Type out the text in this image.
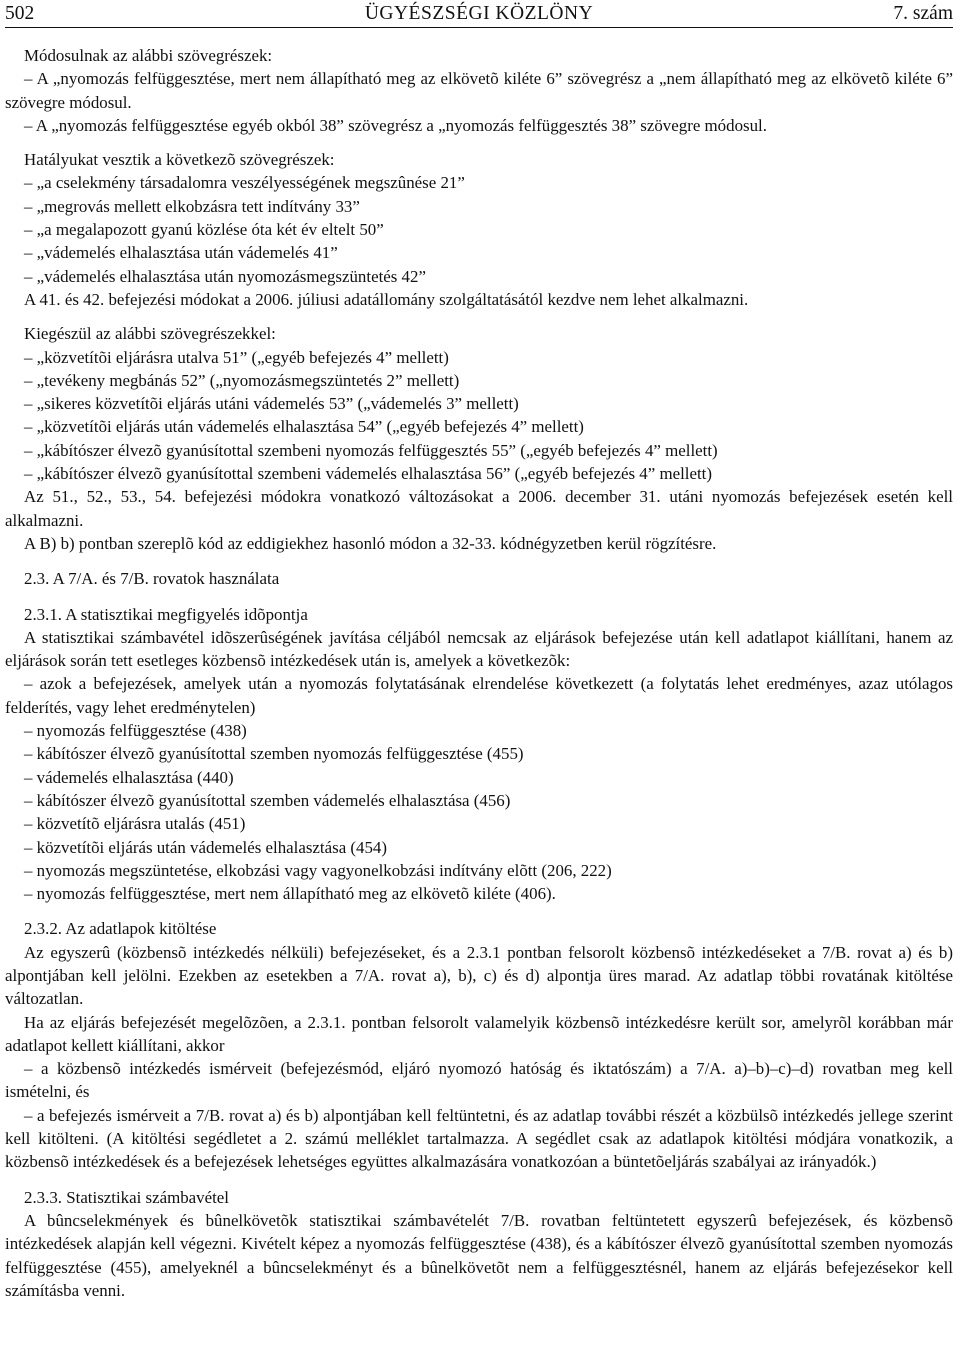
502	ÜGYÉSZSÉGI KÖZLÖNY	7. szám

Módosulnak az alábbi szövegrészek:

– A „nyomozás felfüggesztése, mert nem állapítható meg az elkövetõ kiléte 6” szövegrész a „nem állapítható meg az elkövetõ kiléte 6” szövegre módosul.

– A „nyomozás felfüggesztése egyéb okból 38” szövegrész a „nyomozás felfüggesztés 38” szövegre módosul.

Hatályukat vesztik a következõ szövegrészek:

– „a cselekmény társadalomra veszélyességének megszûnése 21”

– „megrovás mellett elkobzásra tett indítvány 33”

– „a megalapozott gyanú közlése óta két év eltelt 50”

– „vádemelés elhalasztása után vádemelés 41”

– „vádemelés elhalasztása után nyomozásmegszüntetés 42”

A 41. és 42. befejezési módokat a 2006. júliusi adatállomány szolgáltatásától kezdve nem lehet alkalmazni.

Kiegészül az alábbi szövegrészekkel:

– „közvetítõi eljárásra utalva 51” („egyéb befejezés 4” mellett)

– „tevékeny megbánás 52” („nyomozásmegszüntetés 2” mellett)

– „sikeres közvetítõi eljárás utáni vádemelés 53” („vádemelés 3” mellett)

– „közvetítõi eljárás után vádemelés elhalasztása 54” („egyéb befejezés 4” mellett)

– „kábítószer élvezõ gyanúsítottal szembeni nyomozás felfüggesztés 55” („egyéb befejezés 4” mellett)

– „kábítószer élvezõ gyanúsítottal szembeni vádemelés elhalasztása 56” („egyéb befejezés 4” mellett)

Az 51., 52., 53., 54. befejezési módokra vonatkozó változásokat a 2006. december 31. utáni nyomozás befejezések esetén kell alkalmazni.

A B) b) pontban szereplõ kód az eddigiekhez hasonló módon a 32-33. kódnégyzetben kerül rögzítésre.

2.3. A 7/A. és 7/B. rovatok használata

2.3.1. A statisztikai megfigyelés idõpontja

A statisztikai számbavétel idõszerûségének javítása céljából nemcsak az eljárások befejezése után kell adatlapot kiállítani, hanem az eljárások során tett esetleges közbensõ intézkedések után is, amelyek a következõk:

– azok a befejezések, amelyek után a nyomozás folytatásának elrendelése következett (a folytatás lehet eredményes, azaz utólagos felderítés, vagy lehet eredménytelen)

– nyomozás felfüggesztése (438)

– kábítószer élvezõ gyanúsítottal szemben nyomozás felfüggesztése (455)

– vádemelés elhalasztása (440)

– kábítószer élvezõ gyanúsítottal szemben vádemelés elhalasztása (456)

– közvetítõ eljárásra utalás (451)

– közvetítõi eljárás után vádemelés elhalasztása (454)

– nyomozás megszüntetése, elkobzási vagy vagyonelkobzási indítvány elõtt (206, 222)

– nyomozás felfüggesztése, mert nem állapítható meg az elkövetõ kiléte (406).

2.3.2. Az adatlapok kitöltése

Az egyszerû (közbensõ intézkedés nélküli) befejezéseket, és a 2.3.1 pontban felsorolt közbensõ intézkedéseket a 7/B. rovat a) és b) alpontjában kell jelölni. Ezekben az esetekben a 7/A. rovat a), b), c) és d) alpontja üres marad. Az adatlap többi rovatának kitöltése változatlan.

Ha az eljárás befejezését megelõzõen, a 2.3.1. pontban felsorolt valamelyik közbensõ intézkedésre került sor, amelyrõl korábban már adatlapot kellett kiállítani, akkor

– a közbensõ intézkedés ismérveit (befejezésmód, eljáró nyomozó hatóság és iktatószám) a 7/A. a)–b)–c)–d) rovatban meg kell ismételni, és

– a befejezés ismérveit a 7/B. rovat a) és b) alpontjában kell feltüntetni, és az adatlap további részét a közbülsõ intézkedés jellege szerint kell kitölteni. (A kitöltési segédletet a 2. számú melléklet tartalmazza. A segédlet csak az adatlapok kitöltési módjára vonatkozik, a közbensõ intézkedések és a befejezések lehetséges együttes alkalmazására vonatkozóan a büntetõeljárás szabályai az irányadók.)

2.3.3. Statisztikai számbavétel

A bûncselekmények és bûnelkövetõk statisztikai számbavételét 7/B. rovatban feltüntetett egyszerû befejezések, és közbensõ intézkedések alapján kell végezni. Kivételt képez a nyomozás felfüggesztése (438), és a kábítószer élvezõ gyanúsítottal szemben nyomozás felfüggesztése (455), amelyeknél a bûncselekményt és a bûnelkövetõt nem a felfüggesztésnél, hanem az eljárás befejezésekor kell számításba venni.
